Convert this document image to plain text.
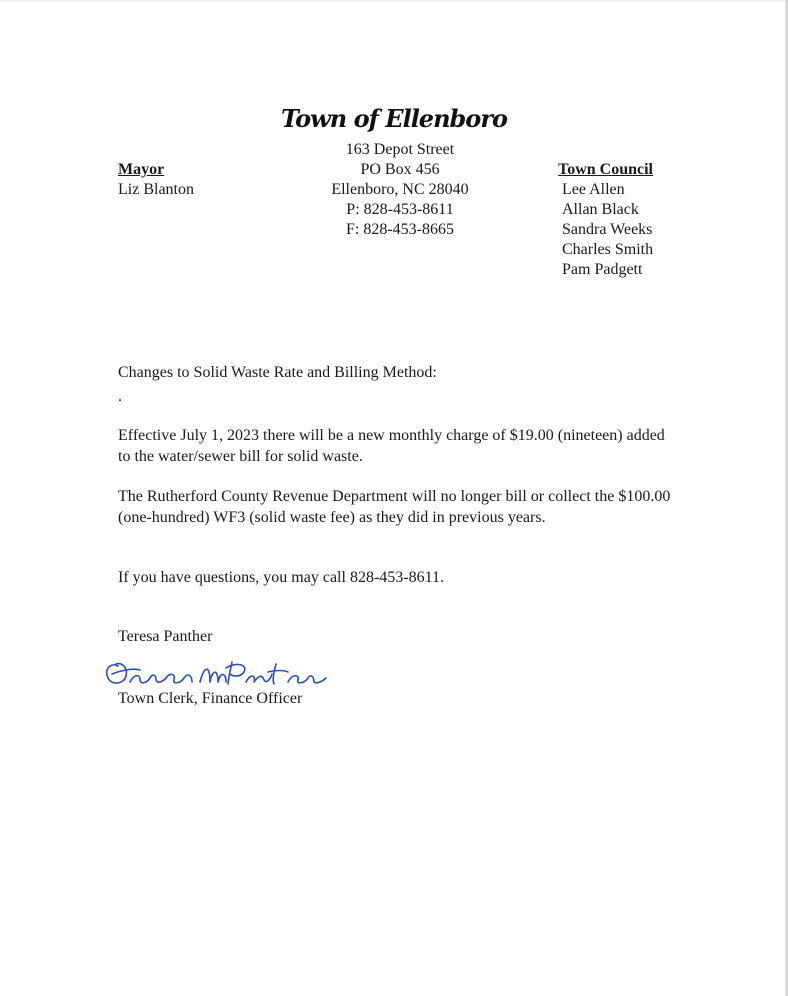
Town of Ellenboro
163 Depot Street
PO Box 456
Ellenboro, NC 28040
P: 828-453-8611
F: 828-453-8665
Mayor
Liz Blanton
Town Council
Lee Allen
Allan Black
Sandra Weeks
Charles Smith
Pam Padgett
Changes to Solid Waste Rate and Billing Method:
.
Effective July 1, 2023 there will be a new monthly charge of $19.00 (nineteen) added to the water/sewer bill for solid waste.
The Rutherford County Revenue Department will no longer bill or collect the $100.00 (one-hundred) WF3 (solid waste fee) as they did in previous years.
If you have questions, you may call 828-453-8611.
Teresa Panther
Town Clerk, Finance Officer
